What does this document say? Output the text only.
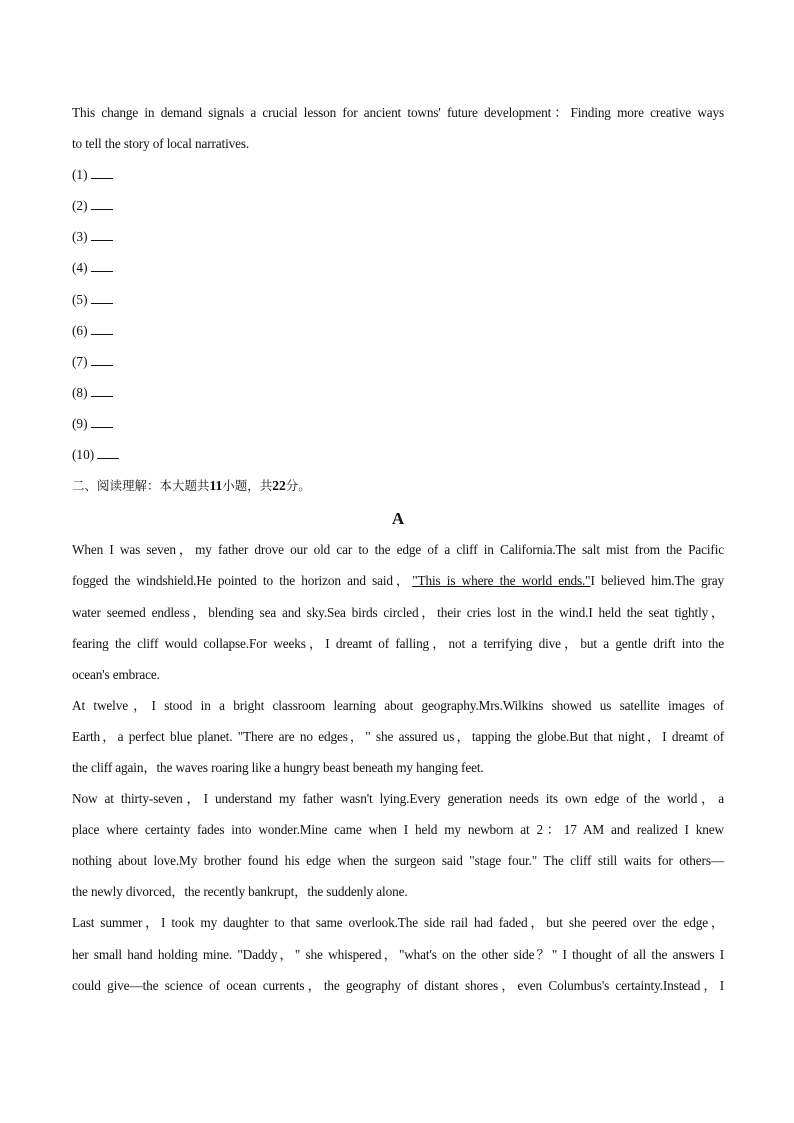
This change in demand signals a crucial lesson for ancient towns' future development：Finding more creative ways
to tell the story of local narratives.
(1)
(2)
(3)
(4)
(5)
(6)
(7)
(8)
(9)
(10)
二、阅读理解：本大题共11小题，共22分。
A
When I was seven，my father drove our old car to the edge of a cliff in California.The salt mist from the Pacific
fogged the windshield.He pointed to the horizon and said，"This is where the world ends."I believed him.The gray
water seemed endless，blending sea and sky.Sea birds circled，their cries lost in the wind.I held the seat tightly，
fearing the cliff would collapse.For weeks，I dreamt of falling，not a terrifying dive，but a gentle drift into the
ocean's embrace.
At twelve，I stood in a bright classroom learning about geography.Mrs.Wilkins showed us satellite images of
Earth，a perfect blue planet. "There are no edges，" she assured us，tapping the globe.But that night，I dreamt of
the cliff again，the waves roaring like a hungry beast beneath my hanging feet.
Now at thirty-seven，I understand my father wasn't lying.Every generation needs its own edge of the world，a
place where certainty fades into wonder.Mine came when I held my newborn at 2：17 AM and realized I knew
nothing about love.My brother found his edge when the surgeon said "stage four." The cliff still waits for others—
the newly divorced，the recently bankrupt，the suddenly alone.
Last summer，I took my daughter to that same overlook.The side rail had faded，but she peered over the edge，
her small hand holding mine. "Daddy，" she whispered，"what's on the other side？" I thought of all the answers I
could give—the science of ocean currents，the geography of distant shores，even Columbus's certainty.Instead，I
